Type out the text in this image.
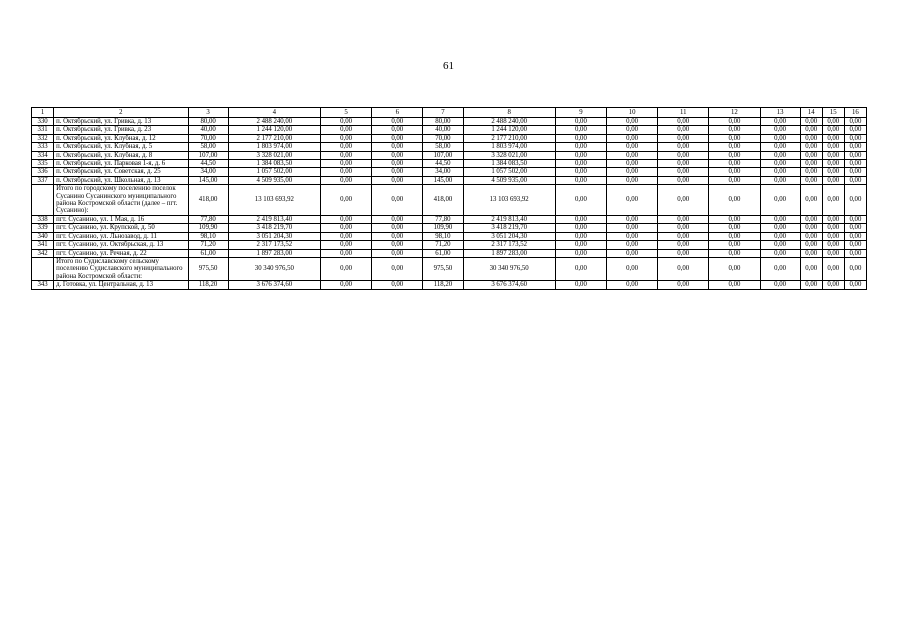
61
1	2	3	4	5	6	7	8	9	10	11	12	13	14	15	16
330	п. Октябрьский, ул. Гривка, д. 13	80,00	2 488 240,00	0,00	0,00	80,00	2 488 240,00	0,00	0,00	0,00	0,00	0,00	0,00	0,00	0,00
331	п. Октябрьский, ул. Гривка, д. 23	40,00	1 244 120,00	0,00	0,00	40,00	1 244 120,00	0,00	0,00	0,00	0,00	0,00	0,00	0,00	0,00
332	п. Октябрьский, ул. Клубная, д. 12	70,00	2 177 210,00	0,00	0,00	70,00	2 177 210,00	0,00	0,00	0,00	0,00	0,00	0,00	0,00	0,00
333	п. Октябрьский, ул. Клубная, д. 5	58,00	1 803 974,00	0,00	0,00	58,00	1 803 974,00	0,00	0,00	0,00	0,00	0,00	0,00	0,00	0,00
334	п. Октябрьский, ул. Клубная, д. 8	107,00	3 328 021,00	0,00	0,00	107,00	3 328 021,00	0,00	0,00	0,00	0,00	0,00	0,00	0,00	0,00
335	п. Октябрьский, ул. Парковая 1-я, д. 6	44,50	1 384 083,50	0,00	0,00	44,50	1 384 083,50	0,00	0,00	0,00	0,00	0,00	0,00	0,00	0,00
336	п. Октябрьский, ул. Советская, д. 25	34,00	1 057 502,00	0,00	0,00	34,00	1 057 502,00	0,00	0,00	0,00	0,00	0,00	0,00	0,00	0,00
337	п. Октябрьский, ул. Школьная, д. 13	145,00	4 509 935,00	0,00	0,00	145,00	4 509 935,00	0,00	0,00	0,00	0,00	0,00	0,00	0,00	0,00
	Итого по городскому поселению поселок Сусанино Сусанинского муниципального района Костромской области (далее – пгт. Сусанино):	418,00	13 103 693,92	0,00	0,00	418,00	13 103 693,92	0,00	0,00	0,00	0,00	0,00	0,00	0,00	0,00
338	пгт. Сусанино, ул. 1 Мая, д. 16	77,80	2 419 813,40	0,00	0,00	77,80	2 419 813,40	0,00	0,00	0,00	0,00	0,00	0,00	0,00	0,00
339	пгт. Сусанино, ул. Крупской, д. 50	109,90	3 418 219,70	0,00	0,00	109,90	3 418 219,70	0,00	0,00	0,00	0,00	0,00	0,00	0,00	0,00
340	пгт. Сусанино, ул. Льнозавод, д. 11	98,10	3 051 204,30	0,00	0,00	98,10	3 051 204,30	0,00	0,00	0,00	0,00	0,00	0,00	0,00	0,00
341	пгт. Сусанино, ул. Октябрьская, д. 13	71,20	2 317 173,52	0,00	0,00	71,20	2 317 173,52	0,00	0,00	0,00	0,00	0,00	0,00	0,00	0,00
342	пгт. Сусанино, ул. Речная, д. 22	61,00	1 897 283,00	0,00	0,00	61,00	1 897 283,00	0,00	0,00	0,00	0,00	0,00	0,00	0,00	0,00
	Итого по Судиславскому сельскому поселению Судиславского муниципального района Костромской области:	975,50	30 340 976,50	0,00	0,00	975,50	30 340 976,50	0,00	0,00	0,00	0,00	0,00	0,00	0,00	0,00
343	д. Готовка, ул. Центральная, д. 13	118,20	3 676 374,60	0,00	0,00	118,20	3 676 374,60	0,00	0,00	0,00	0,00	0,00	0,00	0,00	0,00
